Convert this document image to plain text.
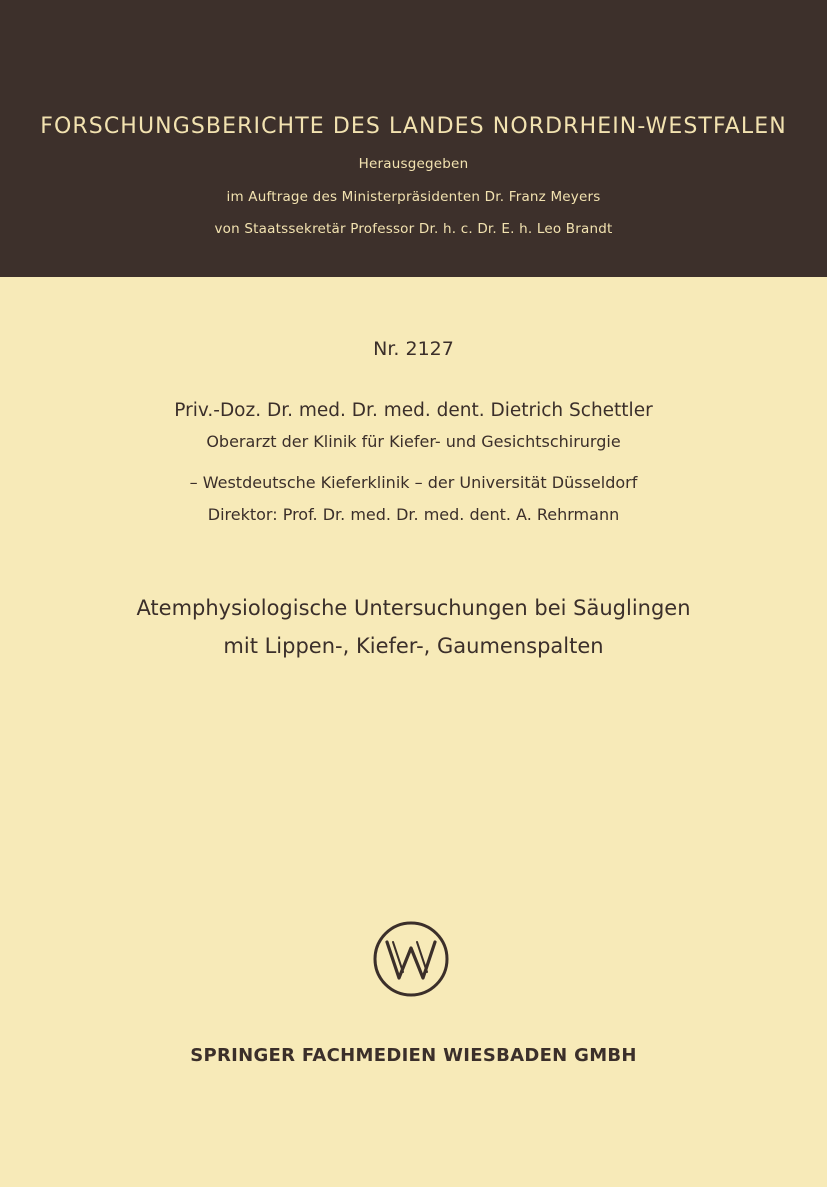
FORSCHUNGSBERICHTE DES LANDES NORDRHEIN-WESTFALEN
Herausgegeben
im Auftrage des Ministerpräsidenten Dr. Franz Meyers
von Staatssekretär Professor Dr. h. c. Dr. E. h. Leo Brandt
Nr. 2127
Priv.-Doz. Dr. med. Dr. med. dent. Dietrich Schettler
Oberarzt der Klinik für Kiefer- und Gesichtschirurgie
– Westdeutsche Kieferklinik – der Universität Düsseldorf
Direktor: Prof. Dr. med. Dr. med. dent. A. Rehrmann
Atemphysiologische Untersuchungen bei Säuglingen
mit Lippen-, Kiefer-, Gaumenspalten
SPRINGER FACHMEDIEN WIESBADEN GMBH
